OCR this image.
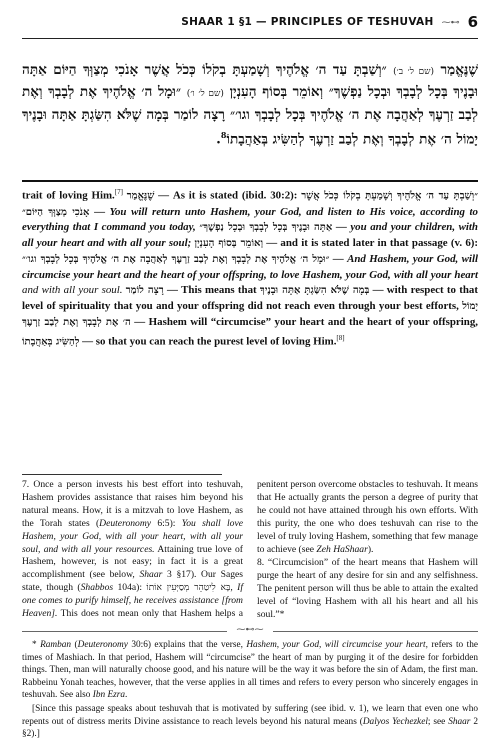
SHAAR 1 §1 — PRINCIPLES OF TESHUVAH ⁓⊷ 6
שֶׁנֶּאֱמַר (שם ל׳ ב׳) ״וְשַׁבְתָּ עַד ה׳ אֱלֹהֶיךָ וְשָׁמַעְתָּ בְקֹלוֹ כְּכֹל אֲשֶׁר אָנֹכִי מְצַוְּךָ הַיּוֹם אַתָּה וּבָנֶיךָ בְּכָל לְבָבְךָ וּבְכָל נַפְשֶׁךָ״ וְאוֹמֵר בְּסוֹף הָעִנְיָן (שם ל׳ ו׳) ״וּמָל ה׳ אֱלֹהֶיךָ אֶת לְבָבְךָ וְאֶת לְבַב זַרְעֶךָ לְאַהֲבָה אֶת ה׳ אֱלֹהֶיךָ בְּכָל לְבָבְךָ וגו׳״ רָצָה לוֹמַר בְּמָה שֶׁלֹּא הִשַּׂגְתָּ אַתָּה וּבָנֶיךָ יָמוֹל ה׳ אֶת לְבָבְךָ וְאֶת לְבַב זַרְעֶךָ לְהַשִּׂיג בְּאַהֲבָתוֹ$^8$.
trait of loving Him.[7] שֶׁנֶּאֱמַר — As it is stated (ibid. 30:2): ״וְשַׁבְתָּ עַד ה׳ אֱלֹהֶיךָ וְשָׁמַעְתָּ בְקֹלוֹ כְּכֹל אֲשֶׁר אָנֹכִי מְצַוְּךָ הַיּוֹם״ — You will return unto Hashem, your God, and listen to His voice, according to everything that I command you today, אַתָּה וּבָנֶיךָ בְּכָל לְבָבְךָ וּבְכָל נַפְשֶׁךָ״ — you and your children, with all your heart and with all your soul; וְאוֹמֵר בְּסוֹף הָעִנְיָן — and it is stated later in that passage (v. 6): ״וּמָל ה׳ אֱלֹהֶיךָ אֶת לְבָבְךָ וְאֶת לְבַב זַרְעֶךָ לְאַהֲבָה אֶת ה׳ אֱלֹהֶיךָ בְּכָל לְבָבְךָ וגו׳״ — And Hashem, your God, will circumcise your heart and the heart of your offspring, to love Hashem, your God, with all your heart and with all your soul. רָצָה לוֹמַר — This means that בְּמָה שֶׁלֹּא הִשַּׂגְתָּ אַתָּה וּבָנֶיךָ — with respect to that level of spirituality that you and your offspring did not reach even through your best efforts, יָמוֹל ה׳ אֶת לְבָבְךָ וְאֶת לְבַב זַרְעֶךָ — Hashem will “circumcise” your heart and the heart of your offspring, לְהַשִּׂיג בְּאַהֲבָתוֹ — so that you can reach the purest level of loving Him.[8]

7. Once a person invests his best effort into teshuvah, Hashem provides assistance that raises him beyond his natural means. How, it is a mitzvah to love Hashem, as the Torah states (Deuteronomy 6:5): You shall love Hashem, your God, with all your heart, with all your soul, and with all your resources. Attaining true love of Hashem, however, is not easy; in fact it is a great accomplishment (see below, Shaar 3 §17). Our Sages state, though (Shabbos 104a): בָּא לִיטַהֵר מְסַיְּעִין אוֹתוֹ, If one comes to purify himself, he receives assistance [from Heaven]. This does not mean only that Hashem helps a penitent person overcome obstacles to teshuvah. It means that He actually grants the person a degree of purity that he could not have attained through his own efforts. With this purity, the one who does teshuvah can rise to the level of truly loving Hashem, something that few manage to achieve (see Zeh HaShaar).

8. “Circumcision” of the heart means that Hashem will purge the heart of any desire for sin and any selfishness. The penitent person will thus be able to attain the exalted level of “loving Hashem with all his heart and all his soul.”*

⁓⊷⁓

* Ramban (Deuteronomy 30:6) explains that the verse, Hashem, your God, will circumcise your heart, refers to the times of Mashiach. In that period, Hashem will “circumcise” the heart of man by purging it of the desire for forbidden things. Then, man will naturally choose good, and his nature will be the way it was before the sin of Adam, the first man. Rabbeinu Yonah teaches, however, that the verse applies in all times and refers to every person who sincerely engages in teshuvah. See also Ibn Ezra.

[Since this passage speaks about teshuvah that is motivated by suffering (see ibid. v. 1), we learn that even one who repents out of distress merits Divine assistance to reach levels beyond his natural means (Dalyos Yechezkel; see Shaar 2 §2).]
